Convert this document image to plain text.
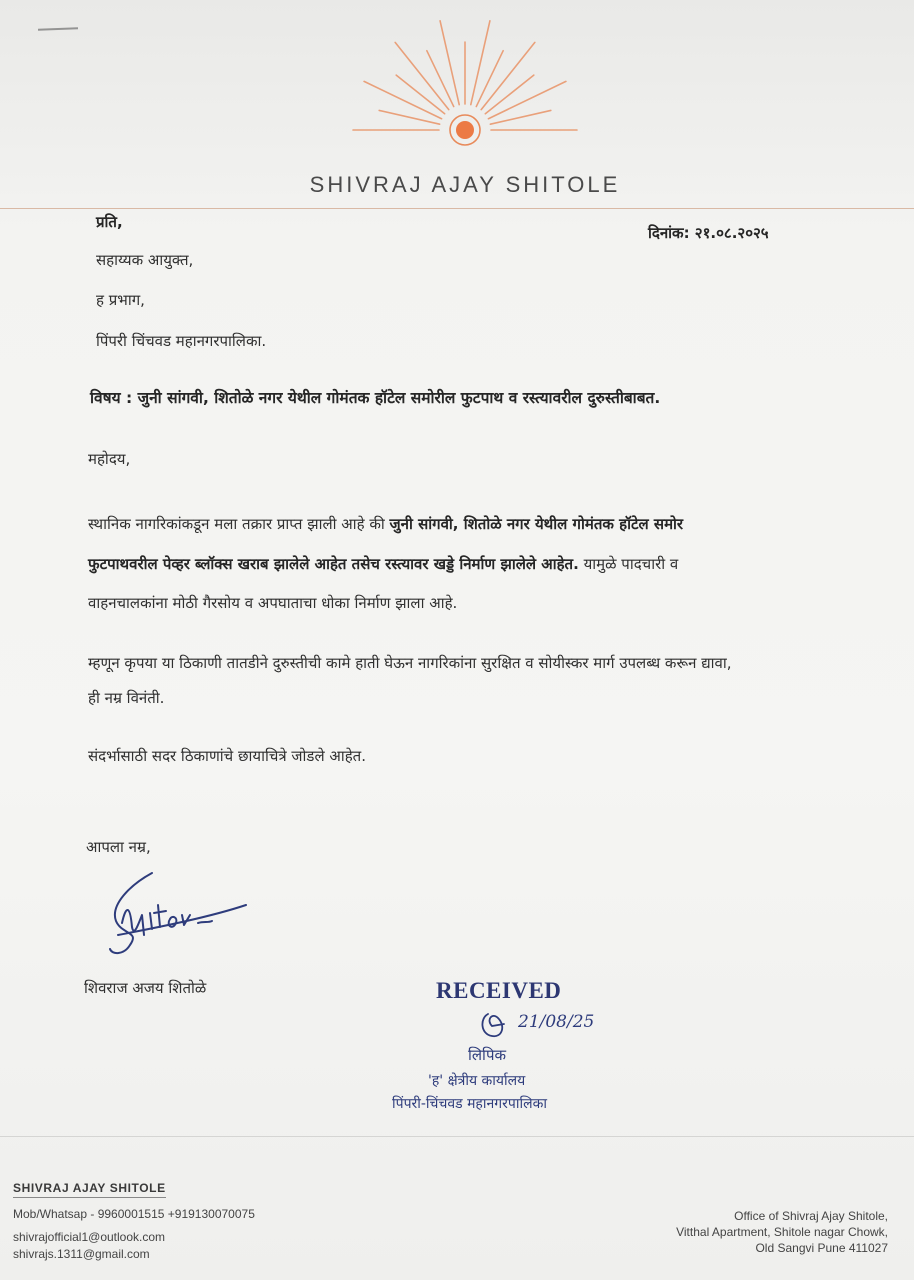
SHIVRAJ AJAY SHITOLE
प्रति,
दिनांक: २१.०८.२०२५
सहाय्यक आयुक्त,
ह प्रभाग,
पिंपरी चिंचवड महानगरपालिका.
विषय : जुनी सांगवी, शितोळे नगर येथील गोमंतक हॉटेल समोरील फुटपाथ व रस्त्यावरील दुरुस्तीबाबत.
महोदय,
स्थानिक नागरिकांकडून मला तक्रार प्राप्त झाली आहे की जुनी सांगवी, शितोळे नगर येथील गोमंतक हॉटेल समोर
फुटपाथवरील पेव्हर ब्लॉक्स खराब झालेले आहेत तसेच रस्त्यावर खड्डे निर्माण झालेले आहेत. यामुळे पादचारी व
वाहनचालकांना मोठी गैरसोय व अपघाताचा धोका निर्माण झाला आहे.
म्हणून कृपया या ठिकाणी तातडीने दुरुस्तीची कामे हाती घेऊन नागरिकांना सुरक्षित व सोयीस्कर मार्ग उपलब्ध करून द्यावा,
ही नम्र विनंती.
संदर्भासाठी सदर ठिकाणांचे छायाचित्रे जोडले आहेत.
आपला नम्र,
शिवराज अजय शितोळे	RECEIVED
21/08/25
लिपिक
'ह' क्षेत्रीय कार्यालय
पिंपरी-चिंचवड महानगरपालिका
SHIVRAJ AJAY SHITOLE
Mob/Whatsap - 9960001515 +919130070075
shivrajofficial1@outlook.com
shivrajs.1311@gmail.com
Office of Shivraj Ajay Shitole,
Vitthal Apartment, Shitole nagar Chowk,
Old Sangvi Pune 411027
